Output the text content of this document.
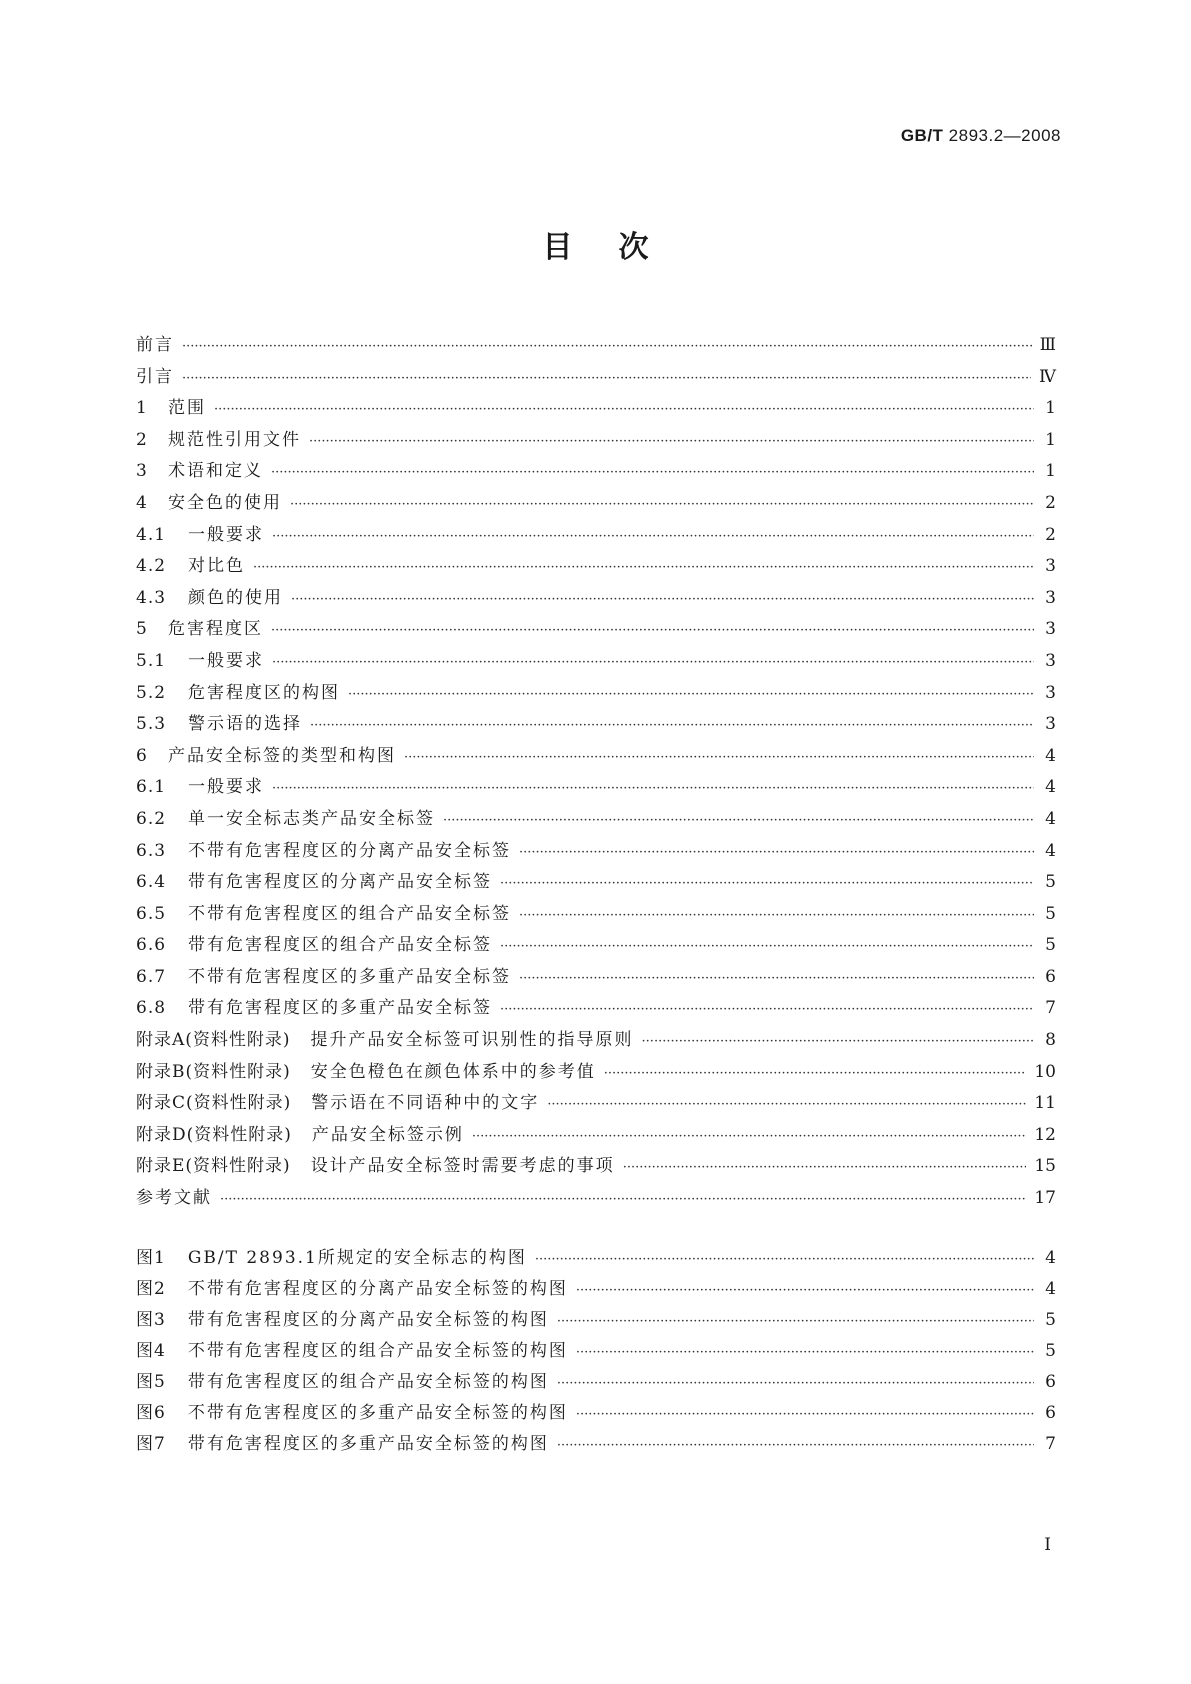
GB/T 2893.2—2008
目次
前言 ·····	Ⅲ
引言 ·····	Ⅳ
1	范围 ·····	1
2	规范性引用文件 ·····	1
3	术语和定义 ·····	1
4	安全色的使用 ·····	2
4.1	一般要求 ·····	2
4.2	对比色 ·····	3
4.3	颜色的使用 ·····	3
5	危害程度区 ·····	3
5.1	一般要求 ·····	3
5.2	危害程度区的构图 ·····	3
5.3	警示语的选择 ·····	3
6	产品安全标签的类型和构图 ·····	4
6.1	一般要求 ·····	4
6.2	单一安全标志类产品安全标签 ·····	4
6.3	不带有危害程度区的分离产品安全标签 ·····	4
6.4	带有危害程度区的分离产品安全标签 ·····	5
6.5	不带有危害程度区的组合产品安全标签 ·····	5
6.6	带有危害程度区的组合产品安全标签 ·····	5
6.7	不带有危害程度区的多重产品安全标签 ·····	6
6.8	带有危害程度区的多重产品安全标签 ·····	7
附录A(资料性附录) 提升产品安全标签可识别性的指导原则 ·····	8
附录B(资料性附录) 安全色橙色在颜色体系中的参考值 ·····	10
附录C(资料性附录) 警示语在不同语种中的文字 ·····	11
附录D(资料性附录) 产品安全标签示例 ·····	12
附录E(资料性附录) 设计产品安全标签时需要考虑的事项 ·····	15
参考文献 ·····	17
图1 GB/T 2893.1所规定的安全标志的构图 ·····	4
图2 不带有危害程度区的分离产品安全标签的构图 ·····	4
图3 带有危害程度区的分离产品安全标签的构图 ·····	5
图4 不带有危害程度区的组合产品安全标签的构图 ·····	5
图5 带有危害程度区的组合产品安全标签的构图 ·····	6
图6 不带有危害程度区的多重产品安全标签的构图 ·····	6
图7 带有危害程度区的多重产品安全标签的构图 ·····	7
Ⅰ
